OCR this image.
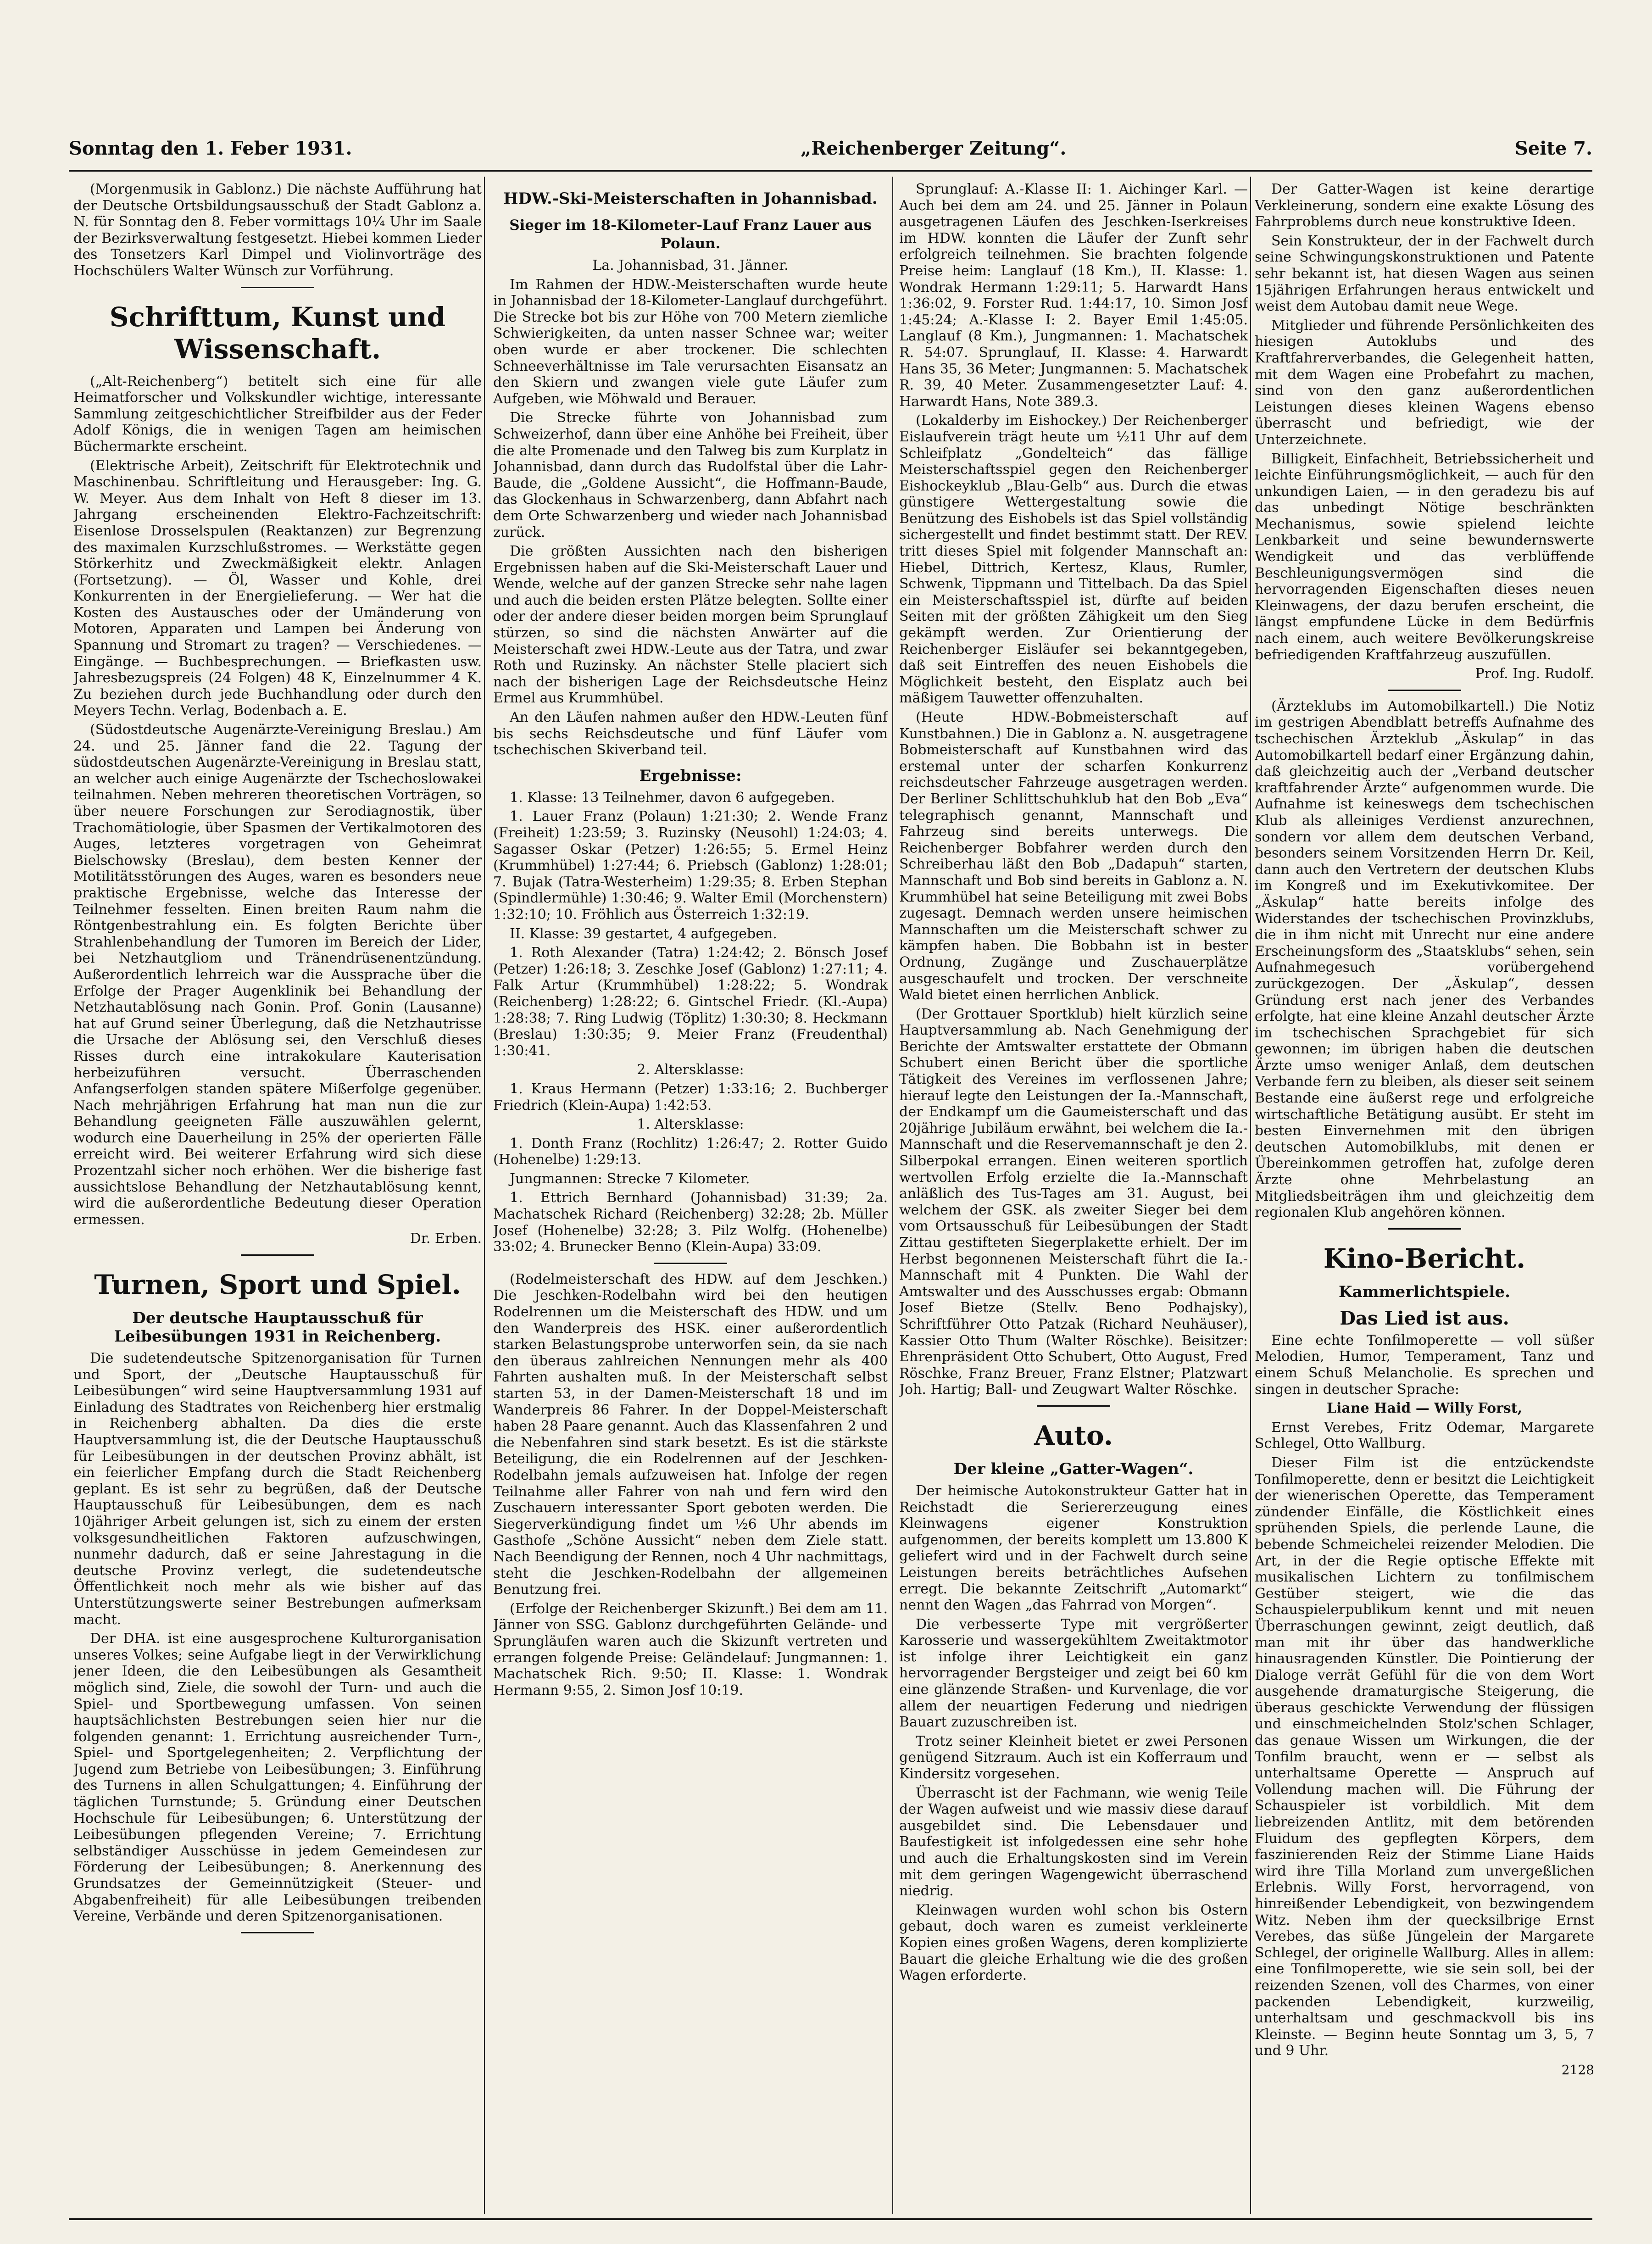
Sonntag den 1. Feber 1931.	„Reichenberger Zeitung“.	Seite 7.

(Morgenmusik in Gablonz.) Die nächste Aufführung hat der Deutsche Ortsbildungsausschuß der Stadt Gablonz a. N. für Sonntag den 8. Feber vormittags 10¼ Uhr im Saale der Bezirksverwaltung festgesetzt. Hiebei kommen Lieder des Tonsetzers Karl Dimpel und Violinvorträge des Hochschülers Walter Wünsch zur Vorführung.

Schrifttum, Kunst und Wissenschaft.

(„Alt-Reichenberg“) betitelt sich eine für alle Heimatforscher und Volkskundler wichtige, interessante Sammlung zeitgeschichtlicher Streifbilder aus der Feder Adolf Königs, die in wenigen Tagen am heimischen Büchermarkte erscheint.

(Elektrische Arbeit), Zeitschrift für Elektrotechnik und Maschinenbau. Schriftleitung und Herausgeber: Ing. G. W. Meyer. Aus dem Inhalt von Heft 8 dieser im 13. Jahrgang erscheinenden Elektro-Fachzeitschrift: Eisenlose Drosselspulen (Reaktanzen) zur Begrenzung des maximalen Kurzschlußstromes. — Werkstätte gegen Störkerhitz und Zweckmäßigkeit elektr. Anlagen (Fortsetzung). — Öl, Wasser und Kohle, drei Konkurrenten in der Energielieferung. — Wer hat die Kosten des Austausches oder der Umänderung von Motoren, Apparaten und Lampen bei Änderung von Spannung und Stromart zu tragen? — Verschiedenes. — Eingänge. — Buchbesprechungen. — Briefkasten usw. Jahresbezugspreis (24 Folgen) 48 K, Einzelnummer 4 K. Zu beziehen durch jede Buchhandlung oder durch den Meyers Techn. Verlag, Bodenbach a. E.

(Südostdeutsche Augenärzte-Vereinigung Breslau.) Am 24. und 25. Jänner fand die 22. Tagung der südostdeutschen Augenärzte-Vereinigung in Breslau statt, an welcher auch einige Augenärzte der Tschechoslowakei teilnahmen. Neben mehreren theoretischen Vorträgen, so über neuere Forschungen zur Serodiagnostik, über Trachomätiologie, über Spasmen der Vertikalmotoren des Auges, letzteres vorgetragen von Geheimrat Bielschowsky (Breslau), dem besten Kenner der Motilitätsstörungen des Auges, waren es besonders neue praktische Ergebnisse, welche das Interesse der Teilnehmer fesselten. Einen breiten Raum nahm die Röntgenbestrahlung ein. Es folgten Berichte über Strahlenbehandlung der Tumoren im Bereich der Lider, bei Netzhautgliom und Tränendrüsenentzündung. Außerordentlich lehrreich war die Aussprache über die Erfolge der Prager Augenklinik bei Behandlung der Netzhautablösung nach Gonin. Prof. Gonin (Lausanne) hat auf Grund seiner Überlegung, daß die Netzhautrisse die Ursache der Ablösung sei, den Verschluß dieses Risses durch eine intrakokulare Kauterisation herbeizuführen versucht. Überraschenden Anfangserfolgen standen spätere Mißerfolge gegenüber. Nach mehrjährigen Erfahrung hat man nun die zur Behandlung geeigneten Fälle auszuwählen gelernt, wodurch eine Dauerheilung in 25% der operierten Fälle erreicht wird. Bei weiterer Erfahrung wird sich diese Prozentzahl sicher noch erhöhen. Wer die bisherige fast aussichtslose Behandlung der Netzhautablösung kennt, wird die außerordentliche Bedeutung dieser Operation ermessen.

Dr. Erben.
Turnen, Sport und Spiel.
Der deutsche Hauptausschuß für Leibesübungen 1931 in Reichenberg.

Die sudetendeutsche Spitzenorganisation für Turnen und Sport, der „Deutsche Hauptausschuß für Leibesübungen“ wird seine Hauptversammlung 1931 auf Einladung des Stadtrates von Reichenberg hier erstmalig in Reichenberg abhalten. Da dies die erste Hauptversammlung ist, die der Deutsche Hauptausschuß für Leibesübungen in der deutschen Provinz abhält, ist ein feierlicher Empfang durch die Stadt Reichenberg geplant. Es ist sehr zu begrüßen, daß der Deutsche Hauptausschuß für Leibesübungen, dem es nach 10jähriger Arbeit gelungen ist, sich zu einem der ersten volksgesundheitlichen Faktoren aufzuschwingen, nunmehr dadurch, daß er seine Jahrestagung in die deutsche Provinz verlegt, die sudetendeutsche Öffentlichkeit noch mehr als wie bisher auf das Unterstützungswerte seiner Bestrebungen aufmerksam macht.

Der DHA. ist eine ausgesprochene Kulturorganisation unseres Volkes; seine Aufgabe liegt in der Verwirklichung jener Ideen, die den Leibesübungen als Gesamtheit möglich sind, Ziele, die sowohl der Turn- und auch die Spiel- und Sportbewegung umfassen. Von seinen hauptsächlichsten Bestrebungen seien hier nur die folgenden genannt: 1. Errichtung ausreichender Turn-, Spiel- und Sportgelegenheiten; 2. Verpflichtung der Jugend zum Betriebe von Leibesübungen; 3. Einführung des Turnens in allen Schulgattungen; 4. Einführung der täglichen Turnstunde; 5. Gründung einer Deutschen Hochschule für Leibesübungen; 6. Unterstützung der Leibesübungen pflegenden Vereine; 7. Errichtung selbständiger Ausschüsse in jedem Gemeindesen zur Förderung der Leibesübungen; 8. Anerkennung des Grundsatzes der Gemeinnützigkeit (Steuer- und Abgabenfreiheit) für alle Leibesübungen treibenden Vereine, Verbände und deren Spitzenorganisationen.

HDW.-Ski-Meisterschaften in Johannisbad.
Sieger im 18-Kilometer-Lauf Franz Lauer aus Polaun.

La. Johannisbad, 31. Jänner.

Im Rahmen der HDW.-Meisterschaften wurde heute in Johannisbad der 18-Kilometer-Langlauf durchgeführt. Die Strecke bot bis zur Höhe von 700 Metern ziemliche Schwierigkeiten, da unten nasser Schnee war; weiter oben wurde er aber trockener. Die schlechten Schneeverhältnisse im Tale verursachten Eisansatz an den Skiern und zwangen viele gute Läufer zum Aufgeben, wie Möhwald und Berauer.

Die Strecke führte von Johannisbad zum Schweizerhof, dann über eine Anhöhe bei Freiheit, über die alte Promenade und den Talweg bis zum Kurplatz in Johannisbad, dann durch das Rudolfstal über die Lahr-Baude, die „Goldene Aussicht“, die Hoffmann-Baude, das Glockenhaus in Schwarzenberg, dann Abfahrt nach dem Orte Schwarzenberg und wieder nach Johannisbad zurück.

Die größten Aussichten nach den bisherigen Ergebnissen haben auf die Ski-Meisterschaft Lauer und Wende, welche auf der ganzen Strecke sehr nahe lagen und auch die beiden ersten Plätze belegten. Sollte einer oder der andere dieser beiden morgen beim Sprunglauf stürzen, so sind die nächsten Anwärter auf die Meisterschaft zwei HDW.-Leute aus der Tatra, und zwar Roth und Ruzinsky. An nächster Stelle placiert sich nach der bisherigen Lage der Reichsdeutsche Heinz Ermel aus Krummhübel.

An den Läufen nahmen außer den HDW.-Leuten fünf bis sechs Reichsdeutsche und fünf Läufer vom tschechischen Skiverband teil.

Ergebnisse:

1. Klasse: 13 Teilnehmer, davon 6 aufgegeben.

1. Lauer Franz (Polaun) 1:21:30; 2. Wende Franz (Freiheit) 1:23:59; 3. Ruzinsky (Neusohl) 1:24:03; 4. Sagasser Oskar (Petzer) 1:26:55; 5. Ermel Heinz (Krummhübel) 1:27:44; 6. Priebsch (Gablonz) 1:28:01; 7. Bujak (Tatra-Westerheim) 1:29:35; 8. Erben Stephan (Spindlermühle) 1:30:46; 9. Walter Emil (Morchenstern) 1:32:10; 10. Fröhlich aus Österreich 1:32:19.

II. Klasse: 39 gestartet, 4 aufgegeben.

1. Roth Alexander (Tatra) 1:24:42; 2. Bönsch Josef (Petzer) 1:26:18; 3. Zeschke Josef (Gablonz) 1:27:11; 4. Falk Artur (Krummhübel) 1:28:22; 5. Wondrak (Reichenberg) 1:28:22; 6. Gintschel Friedr. (Kl.-Aupa) 1:28:38; 7. Ring Ludwig (Töplitz) 1:30:30; 8. Heckmann (Breslau) 1:30:35; 9. Meier Franz (Freudenthal) 1:30:41.

2. Altersklasse:

1. Kraus Hermann (Petzer) 1:33:16; 2. Buchberger Friedrich (Klein-Aupa) 1:42:53.

1. Altersklasse:

1. Donth Franz (Rochlitz) 1:26:47; 2. Rotter Guido (Hohenelbe) 1:29:13.

Jungmannen: Strecke 7 Kilometer.

1. Ettrich Bernhard (Johannisbad) 31:39; 2a. Machatschek Richard (Reichenberg) 32:28; 2b. Müller Josef (Hohenelbe) 32:28; 3. Pilz Wolfg. (Hohenelbe) 33:02; 4. Brunecker Benno (Klein-Aupa) 33:09.

(Rodelmeisterschaft des HDW. auf dem Jeschken.) Die Jeschken-Rodelbahn wird bei den heutigen Rodelrennen um die Meisterschaft des HDW. und um den Wanderpreis des HSK. einer außerordentlich starken Belastungsprobe unterworfen sein, da sie nach den überaus zahlreichen Nennungen mehr als 400 Fahrten aushalten muß. In der Meisterschaft selbst starten 53, in der Damen-Meisterschaft 18 und im Wanderpreis 86 Fahrer. In der Doppel-Meisterschaft haben 28 Paare genannt. Auch das Klassenfahren 2 und die Nebenfahren sind stark besetzt. Es ist die stärkste Beteiligung, die ein Rodelrennen auf der Jeschken-Rodelbahn jemals aufzuweisen hat. Infolge der regen Teilnahme aller Fahrer von nah und fern wird den Zuschauern interessanter Sport geboten werden. Die Siegerverkündigung findet um ½6 Uhr abends im Gasthofe „Schöne Aussicht“ neben dem Ziele statt. Nach Beendigung der Rennen, noch 4 Uhr nachmittags, steht die Jeschken-Rodelbahn der allgemeinen Benutzung frei.

(Erfolge der Reichenberger Skizunft.) Bei dem am 11. Jänner von SSG. Gablonz durchgeführten Gelände- und Sprungläufen waren auch die Skizunft vertreten und errangen folgende Preise: Geländelauf: Jungmannen: 1. Machatschek Rich. 9:50; II. Klasse: 1. Wondrak Hermann 9:55, 2. Simon Josf 10:19.

Sprunglauf: A.-Klasse II: 1. Aichinger Karl. — Auch bei dem am 24. und 25. Jänner in Polaun ausgetragenen Läufen des Jeschken-Iserkreises im HDW. konnten die Läufer der Zunft sehr erfolgreich teilnehmen. Sie brachten folgende Preise heim: Langlauf (18 Km.), II. Klasse: 1. Wondrak Hermann 1:29:11; 5. Harwardt Hans 1:36:02, 9. Forster Rud. 1:44:17, 10. Simon Josf 1:45:24; A.-Klasse I: 2. Bayer Emil 1:45:05. Langlauf (8 Km.), Jungmannen: 1. Machatschek R. 54:07. Sprunglauf, II. Klasse: 4. Harwardt Hans 35, 36 Meter; Jungmannen: 5. Machatschek R. 39, 40 Meter. Zusammengesetzter Lauf: 4. Harwardt Hans, Note 389.3.

(Lokalderby im Eishockey.) Der Reichenberger Eislaufverein trägt heute um ½11 Uhr auf dem Schleifplatz „Gondelteich“ das fällige Meisterschaftsspiel gegen den Reichenberger Eishockeyklub „Blau-Gelb“ aus. Durch die etwas günstigere Wettergestaltung sowie die Benützung des Eishobels ist das Spiel vollständig sichergestellt und findet bestimmt statt. Der REV. tritt dieses Spiel mit folgender Mannschaft an: Hiebel, Dittrich, Kertesz, Klaus, Rumler, Schwenk, Tippmann und Tittelbach. Da das Spiel ein Meisterschaftsspiel ist, dürfte auf beiden Seiten mit der größten Zähigkeit um den Sieg gekämpft werden. Zur Orientierung der Reichenberger Eisläufer sei bekanntgegeben, daß seit Eintreffen des neuen Eishobels die Möglichkeit besteht, den Eisplatz auch bei mäßigem Tauwetter offenzuhalten.

(Heute HDW.-Bobmeisterschaft auf Kunstbahnen.) Die in Gablonz a. N. ausgetragene Bobmeisterschaft auf Kunstbahnen wird das erstemal unter der scharfen Konkurrenz reichsdeutscher Fahrzeuge ausgetragen werden. Der Berliner Schlittschuhklub hat den Bob „Eva“ telegraphisch genannt, Mannschaft und Fahrzeug sind bereits unterwegs. Die Reichenberger Bobfahrer werden durch den Schreiberhau läßt den Bob „Dadapuh“ starten, Mannschaft und Bob sind bereits in Gablonz a. N. Krummhübel hat seine Beteiligung mit zwei Bobs zugesagt. Demnach werden unsere heimischen Mannschaften um die Meisterschaft schwer zu kämpfen haben. Die Bobbahn ist in bester Ordnung, Zugänge und Zuschauerplätze ausgeschaufelt und trocken. Der verschneite Wald bietet einen herrlichen Anblick.

(Der Grottauer Sportklub) hielt kürzlich seine Hauptversammlung ab. Nach Genehmigung der Berichte der Amtswalter erstattete der Obmann Schubert einen Bericht über die sportliche Tätigkeit des Vereines im verflossenen Jahre; hierauf legte den Leistungen der Ia.-Mannschaft, der Endkampf um die Gaumeisterschaft und das 20jährige Jubiläum erwähnt, bei welchem die Ia.-Mannschaft und die Reservemannschaft je den 2. Silberpokal errangen. Einen weiteren sportlich wertvollen Erfolg erzielte die Ia.-Mannschaft anläßlich des Tus-Tages am 31. August, bei welchem der GSK. als zweiter Sieger bei dem vom Ortsausschuß für Leibesübungen der Stadt Zittau gestifteten Siegerplakette erhielt. Der im Herbst begonnenen Meisterschaft führt die Ia.-Mannschaft mit 4 Punkten. Die Wahl der Amtswalter und des Ausschusses ergab: Obmann Josef Bietze (Stellv. Beno Podhajsky), Schriftführer Otto Patzak (Richard Neuhäuser), Kassier Otto Thum (Walter Röschke). Beisitzer: Ehrenpräsident Otto Schubert, Otto August, Fred Röschke, Franz Breuer, Franz Elstner; Platzwart Joh. Hartig; Ball- und Zeugwart Walter Röschke.

Auto.
Der kleine „Gatter-Wagen“.

Der heimische Autokonstrukteur Gatter hat in Reichstadt die Seriererzeugung eines Kleinwagens eigener Konstruktion aufgenommen, der bereits komplett um 13.800 K geliefert wird und in der Fachwelt durch seine Leistungen bereits beträchtliches Aufsehen erregt. Die bekannte Zeitschrift „Automarkt“ nennt den Wagen „das Fahrrad von Morgen“.

Die verbesserte Type mit vergrößerter Karosserie und wassergekühltem Zweitaktmotor ist infolge ihrer Leichtigkeit ein ganz hervorragender Bergsteiger und zeigt bei 60 km eine glänzende Straßen- und Kurvenlage, die vor allem der neuartigen Federung und niedrigen Bauart zuzuschreiben ist.

Trotz seiner Kleinheit bietet er zwei Personen genügend Sitzraum. Auch ist ein Kofferraum und Kindersitz vorgesehen.

Überrascht ist der Fachmann, wie wenig Teile der Wagen aufweist und wie massiv diese darauf ausgebildet sind. Die Lebensdauer und Baufestigkeit ist infolgedessen eine sehr hohe und auch die Erhaltungskosten sind im Verein mit dem geringen Wagengewicht überraschend niedrig.

Kleinwagen wurden wohl schon bis Ostern gebaut, doch waren es zumeist verkleinerte Kopien eines großen Wagens, deren komplizierte Bauart die gleiche Erhaltung wie die des großen Wagen erforderte.

Der Gatter-Wagen ist keine derartige Verkleinerung, sondern eine exakte Lösung des Fahrproblems durch neue konstruktive Ideen.

Sein Konstrukteur, der in der Fachwelt durch seine Schwingungskonstruktionen und Patente sehr bekannt ist, hat diesen Wagen aus seinen 15jährigen Erfahrungen heraus entwickelt und weist dem Autobau damit neue Wege.

Mitglieder und führende Persönlichkeiten des hiesigen Autoklubs und des Kraftfahrerverbandes, die Gelegenheit hatten, mit dem Wagen eine Probefahrt zu machen, sind von den ganz außerordentlichen Leistungen dieses kleinen Wagens ebenso überrascht und befriedigt, wie der Unterzeichnete.

Billigkeit, Einfachheit, Betriebssicherheit und leichte Einführungsmöglichkeit, — auch für den unkundigen Laien, — in den geradezu bis auf das unbedingt Nötige beschränkten Mechanismus, sowie spielend leichte Lenkbarkeit und seine bewundernswerte Wendigkeit und das verblüffende Beschleunigungsvermögen sind die hervorragenden Eigenschaften dieses neuen Kleinwagens, der dazu berufen erscheint, die längst empfundene Lücke in dem Bedürfnis nach einem, auch weitere Bevölkerungskreise befriedigenden Kraftfahrzeug auszufüllen.

Prof. Ing. Rudolf.

(Ärzteklubs im Automobilkartell.) Die Notiz im gestrigen Abendblatt betreffs Aufnahme des tschechischen Ärzteklub „Äskulap“ in das Automobilkartell bedarf einer Ergänzung dahin, daß gleichzeitig auch der „Verband deutscher kraftfahrender Ärzte“ aufgenommen wurde. Die Aufnahme ist keineswegs dem tschechischen Klub als alleiniges Verdienst anzurechnen, sondern vor allem dem deutschen Verband, besonders seinem Vorsitzenden Herrn Dr. Keil, dann auch den Vertretern der deutschen Klubs im Kongreß und im Exekutivkomitee. Der „Äskulap“ hatte bereits infolge des Widerstandes der tschechischen Provinzklubs, die in ihm nicht mit Unrecht nur eine andere Erscheinungsform des „Staatsklubs“ sehen, sein Aufnahmegesuch vorübergehend zurückgezogen. Der „Äskulap“, dessen Gründung erst nach jener des Verbandes erfolgte, hat eine kleine Anzahl deutscher Ärzte im tschechischen Sprachgebiet für sich gewonnen; im übrigen haben die deutschen Ärzte umso weniger Anlaß, dem deutschen Verbande fern zu bleiben, als dieser seit seinem Bestande eine äußerst rege und erfolgreiche wirtschaftliche Betätigung ausübt. Er steht im besten Einvernehmen mit den übrigen deutschen Automobilklubs, mit denen er Übereinkommen getroffen hat, zufolge deren Ärzte ohne Mehrbelastung an Mitgliedsbeiträgen ihm und gleichzeitig dem regionalen Klub angehören können.

Kino-Bericht.
Kammerlichtspiele.
Das Lied ist aus.

Eine echte Tonfilmoperette — voll süßer Melodien, Humor, Temperament, Tanz und einem Schuß Melancholie. Es sprechen und singen in deutscher Sprache:

Liane Haid — Willy Forst,

Ernst Verebes, Fritz Odemar, Margarete Schlegel, Otto Wallburg.

Dieser Film ist die entzückendste Tonfilmoperette, denn er besitzt die Leichtigkeit der wienerischen Operette, das Temperament zündender Einfälle, die Köstlichkeit eines sprühenden Spiels, die perlende Laune, die bebende Schmeichelei reizender Melodien. Die Art, in der die Regie optische Effekte mit musikalischen Lichtern zu tonfilmischem Gestüber steigert, wie die das Schauspielerpublikum kennt und mit neuen Überraschungen gewinnt, zeigt deutlich, daß man mit ihr über das handwerkliche hinausragenden Künstler. Die Pointierung der Dialoge verrät Gefühl für die von dem Wort ausgehende dramaturgische Steigerung, die überaus geschickte Verwendung der flüssigen und einschmeichelnden Stolz'schen Schlager, das genaue Wissen um Wirkungen, die der Tonfilm braucht, wenn er — selbst als unterhaltsame Operette — Anspruch auf Vollendung machen will. Die Führung der Schauspieler ist vorbildlich. Mit dem liebreizenden Antlitz, mit dem betörenden Fluidum des gepflegten Körpers, dem faszinierenden Reiz der Stimme Liane Haids wird ihre Tilla Morland zum unvergeßlichen Erlebnis. Willy Forst, hervorragend, von hinreißender Lebendigkeit, von bezwingendem Witz. Neben ihm der quecksilbrige Ernst Verebes, das süße Jüngelein der Margarete Schlegel, der originelle Wallburg. Alles in allem: eine Tonfilmoperette, wie sie sein soll, bei der reizenden Szenen, voll des Charmes, von einer packenden Lebendigkeit, kurzweilig, unterhaltsam und geschmackvoll bis ins Kleinste. — Beginn heute Sonntag um 3, 5, 7 und 9 Uhr.

2128
